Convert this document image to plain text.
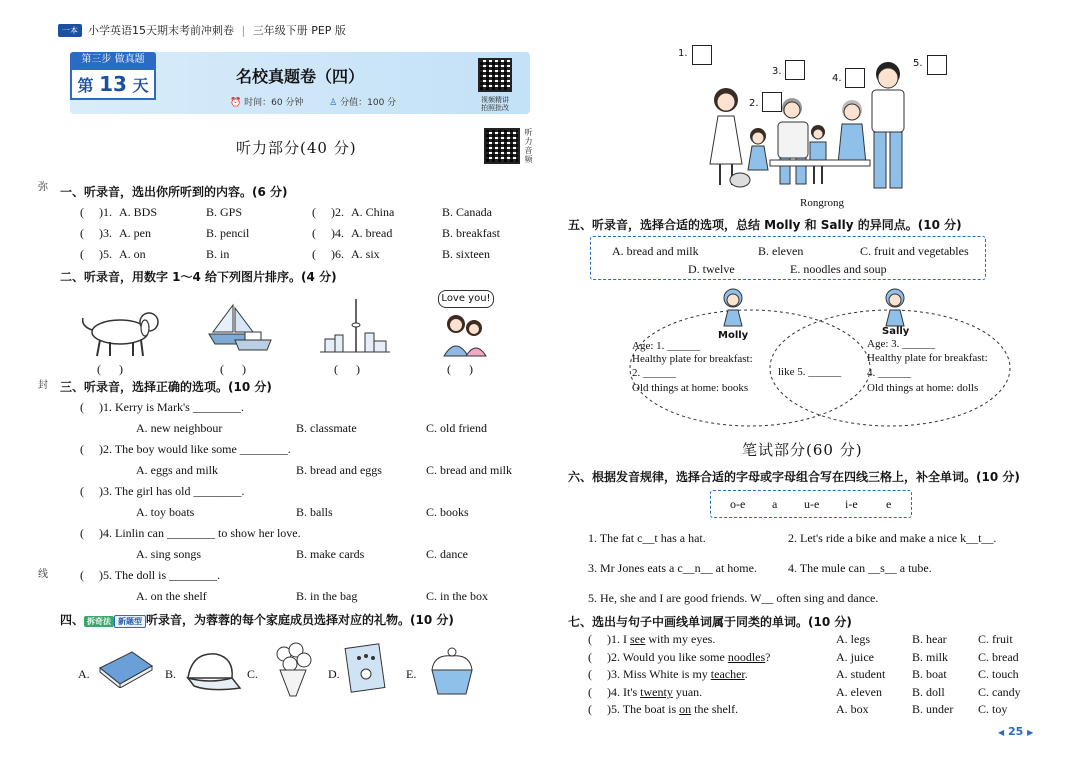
一本 小学英语15天期末考前冲刺卷 | 三年级下册 PEP 版
第三步 做真题
第 13 天	名校真题卷（四）
⏰ 时间：60 分钟	♙ 分值：100 分	视频精讲
拍照批改
听力部分(40 分)
听力音频
弥
封
线
一、听录音，选出你所听到的内容。(6 分)
(     )1. A. BDS	B. GPS	(     )2. A. China	B. Canada
(     )3. A. pen	B. pencil	(     )4. A. bread	B. breakfast
(     )5. A. on	B. in	(     )6. A. six	B. sixteen
二、听录音，用数字 1～4 给下列图片排序。(4 分)
Love you!
(      )	(      )	(      )	(      )
三、听录音，选择正确的选项。(10 分)
(     )1. Kerry is Mark's ________.
A. new neighbour	B. classmate	C. old friend
(     )2. The boy would like some ________.
A. eggs and milk	B. bread and eggs	C. bread and milk
(     )3. The girl has old ________.
A. toy boats	B. balls	C. books
(     )4. Linlin can ________ to show her love.
A. sing songs	B. make cards	C. dance
(     )5. The doll is ________.
A. on the shelf	B. in the bag	C. in the box
四、 拆奇法 新题型 听录音，为蓉蓉的每个家庭成员选择对应的礼物。(10 分)
A.	B.	C.	D.	E.
1.
3.
4.
5.
2.
Rongrong
五、听录音，选择合适的选项，总结 Molly 和 Sally 的异同点。(10 分)
A. bread and milk	B. eleven	C. fruit and vegetables
D. twelve	E. noodles and soup
Molly
Age: 1. ______
Healthy plate for breakfast:
2. ______
Old things at home: books
like 5. ______
Sally
Age: 3. ______
Healthy plate for breakfast:
4. ______
Old things at home: dolls
笔试部分(60 分)
六、根据发音规律，选择合适的字母或字母组合写在四线三格上，补全单词。(10 分)
o-e a u-e i-e e
1. The fat c__t has a hat.	2. Let's ride a bike and make a nice k__t__.
3. Mr Jones eats a c__n__ at home.	4. The mule can __s__ a tube.
5. He, she and I are good friends. W__ often sing and dance.
七、选出与句子中画线单词属于同类的单词。(10 分)
(     )1. I see with my eyes.	A. legs	B. hear	C. fruit
(     )2. Would you like some noodles?	A. juice	B. milk C. bread
(     )3. Miss White is my teacher.	A. student B. boat	C. touch
(     )4. It's twenty yuan.	A. eleven	B. doll	C. candy
(     )5. The boat is on the shelf.	A. box	B. under C. toy
◀ 25 ▶
